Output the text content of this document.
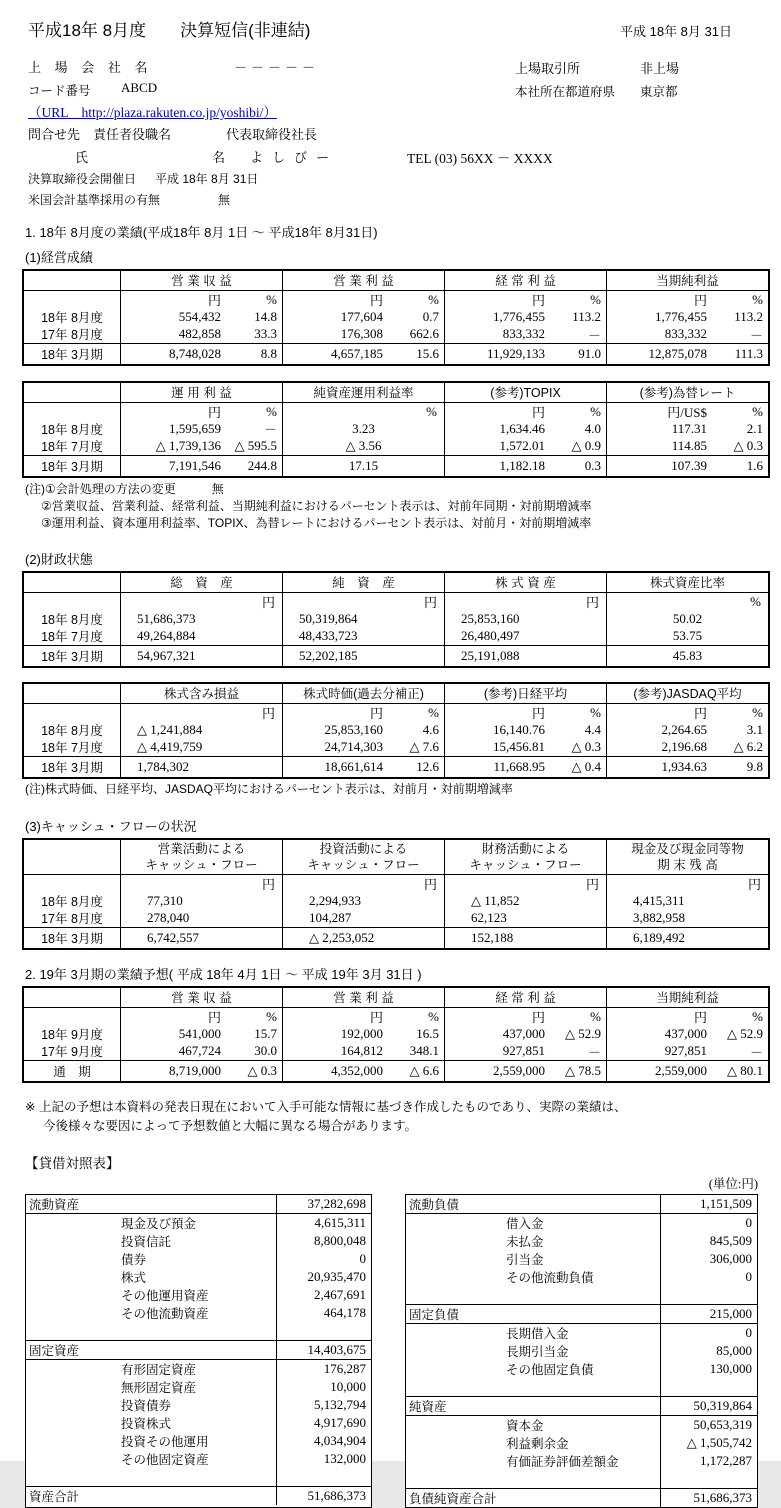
平成18年 8月度　　決算短信(非連結)	平成 18年 8月 31日
上 場 会 社 名	－－－－－	上場取引所	非上場
コード番号 ABCD	本社所在都道府県 東京都
（URL　http://plaza.rakuten.co.jp/yoshibi/）
問合せ先 責任者役職名	代表取締役社長
氏	名 よしびー	TEL (03) 56XX － XXXX
決算取締役会開催日 平成 18年 8月 31日
米国会計基準採用の有無	無
1. 18年 8月度の業績(平成18年 8月 1日 ～ 平成18年 8月31日)
(1)経営成績
営 業 収 益	営 業 利 益	経 常 利 益	当期純利益
円	%	円	%	円	%	円	%
18年 8月度	554,432	14.8	177,604	0.7	1,776,455	113.2	1,776,455	113.2
17年 8月度	482,858	33.3	176,308	662.6	833,332	－	833,332	－
18年 3月期	8,748,028	8.8	4,657,185	15.6	11,929,133	91.0	12,875,078	111.3
運 用 利 益	純資産運用利益率	(参考)TOPIX	(参考)為替レート
円	%	%	円	%	円/US$	%
18年 8月度	1,595,659	－	3.23	1,634.46	4.0	117.31	2.1
18年 7月度	△ 1,739,136	△ 595.5	△ 3.56	1,572.01	△ 0.9	114.85	△ 0.3
18年 3月期	7,191,546	244.8	17.15	1,182.18	0.3	107.39	1.6
(注)①会計処理の方法の変更　　　無
②営業収益、営業利益、経常利益、当期純利益におけるパーセント表示は、対前年同期・対前期増減率
③運用利益、資本運用利益率、TOPIX、為替レートにおけるパーセント表示は、対前月・対前期増減率
(2)財政状態
総　資　産	純　資　産	株 式 資 産	株式資産比率
円	円	円	%
18年 8月度	51,686,373	50,319,864	25,853,160	50.02
18年 7月度	49,264,884	48,433,723	26,480,497	53.75
18年 3月期	54,967,321	52,202,185	25,191,088	45.83
株式含み損益	株式時価(過去分補正)	(参考)日経平均	(参考)JASDAQ平均
円	円	%	円	%	円	%
18年 8月度	△ 1,241,884	25,853,160	4.6	16,140.76	4.4	2,264.65	3.1
18年 7月度	△ 4,419,759	24,714,303	△ 7.6	15,456.81	△ 0.3	2,196.68	△ 6.2
18年 3月期	1,784,302	18,661,614	12.6	11,668.95	△ 0.4	1,934.63	9.8
(注)株式時価、日経平均、JASDAQ平均におけるパーセント表示は、対前月・対前期増減率
(3)キャッシュ・フローの状況
営業活動による
キャッシュ・フロー
投資活動による
キャッシュ・フロー
財務活動による
キャッシュ・フロー
現金及び現金同等物
期 末 残 高
円	円	円	円
18年 8月度	77,310	2,294,933	△ 11,852	4,415,311
17年 8月度	278,040	104,287	62,123	3,882,958
18年 3月期	6,742,557	△ 2,253,052	152,188	6,189,492
2. 19年 3月期の業績予想( 平成 18年 4月 1日 ～ 平成 19年 3月 31日 )
営 業 収 益	営 業 利 益	経 常 利 益	当期純利益
円	%	円	%	円	%	円	%
18年 9月度	541,000	15.7	192,000	16.5	437,000	△ 52.9	437,000	△ 52.9
17年 9月度	467,724	30.0	164,812	348.1	927,851	－	927,851	－
通　期	8,719,000	△ 0.3	4,352,000	△ 6.6	2,559,000	△ 78.5	2,559,000	△ 80.1
※ 上記の予想は本資料の発表日現在において入手可能な情報に基づき作成したものであり、実際の業績は、
今後様々な要因によって予想数値と大幅に異なる場合があります。
【貸借対照表】
(単位:円)
流動資産	37,282,698
現金及び預金	4,615,311
投資信託	8,800,048
債券	0
株式	20,935,470
その他運用資産	2,467,691
その他流動資産	464,178
固定資産	14,403,675
有形固定資産	176,287
無形固定資産	10,000
投資債券	5,132,794
投資株式	4,917,690
投資その他運用	4,034,904
その他固定資産	132,000
資産合計	51,686,373
流動負債	1,151,509
借入金	0
未払金	845,509
引当金	306,000
その他流動負債	0
固定負債	215,000
長期借入金	0
長期引当金	85,000
その他固定負債	130,000
純資産	50,319,864
資本金	50,653,319
利益剰余金	△ 1,505,742
有価証券評価差額金	1,172,287
負債純資産合計	51,686,373
